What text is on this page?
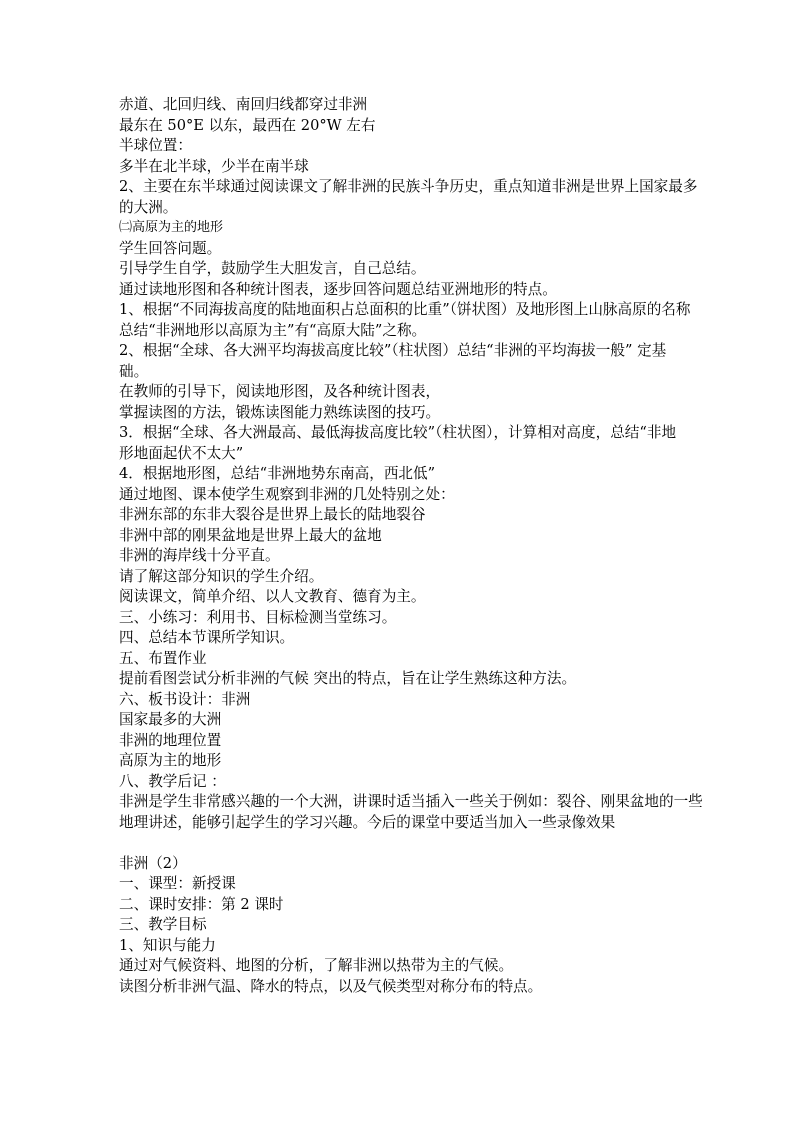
赤道、北回归线、南回归线都穿过非洲
最东在 50°E 以东，最西在 20°W 左右
半球位置：
多半在北半球，少半在南半球
2、主要在东半球通过阅读课文了解非洲的民族斗争历史，重点知道非洲是世界上国家最多
的大洲。
㈡高原为主的地形
学生回答问题。
引导学生自学，鼓励学生大胆发言，自己总结。
通过读地形图和各种统计图表，逐步回答问题总结亚洲地形的特点。
1、根据“不同海拔高度的陆地面积占总面积的比重”（饼状图）及地形图上山脉高原的名称
总结“非洲地形以高原为主”有“高原大陆”之称。
2、根据“全球、各大洲平均海拔高度比较”（柱状图）总结“非洲的平均海拔一般” 定基
础。
在教师的引导下，阅读地形图，及各种统计图表，
掌握读图的方法，锻炼读图能力熟练读图的技巧。
3．根据“全球、各大洲最高、最低海拔高度比较”（柱状图），计算相对高度，总结“非地
形地面起伏不太大”
4．根据地形图，总结“非洲地势东南高，西北低”
通过地图、课本使学生观察到非洲的几处特别之处：
非洲东部的东非大裂谷是世界上最长的陆地裂谷
非洲中部的刚果盆地是世界上最大的盆地
非洲的海岸线十分平直。
请了解这部分知识的学生介绍。
阅读课文，简单介绍、以人文教育、德育为主。
三、小练习：利用书、目标检测当堂练习。
四、总结本节课所学知识。
五、布置作业
提前看图尝试分析非洲的气候 突出的特点，旨在让学生熟练这种方法。
六、板书设计：非洲
国家最多的大洲
非洲的地理位置
高原为主的地形
八、教学后记 ：
非洲是学生非常感兴趣的一个大洲，讲课时适当插入一些关于例如：裂谷、刚果盆地的一些
地理讲述，能够引起学生的学习兴趣。今后的课堂中要适当加入一些录像效果
非洲（2）
一、课型：新授课
二、课时安排：第 2 课时
三、教学目标
1、知识与能力
通过对气候资料、地图的分析，了解非洲以热带为主的气候。
读图分析非洲气温、降水的特点，以及气候类型对称分布的特点。
